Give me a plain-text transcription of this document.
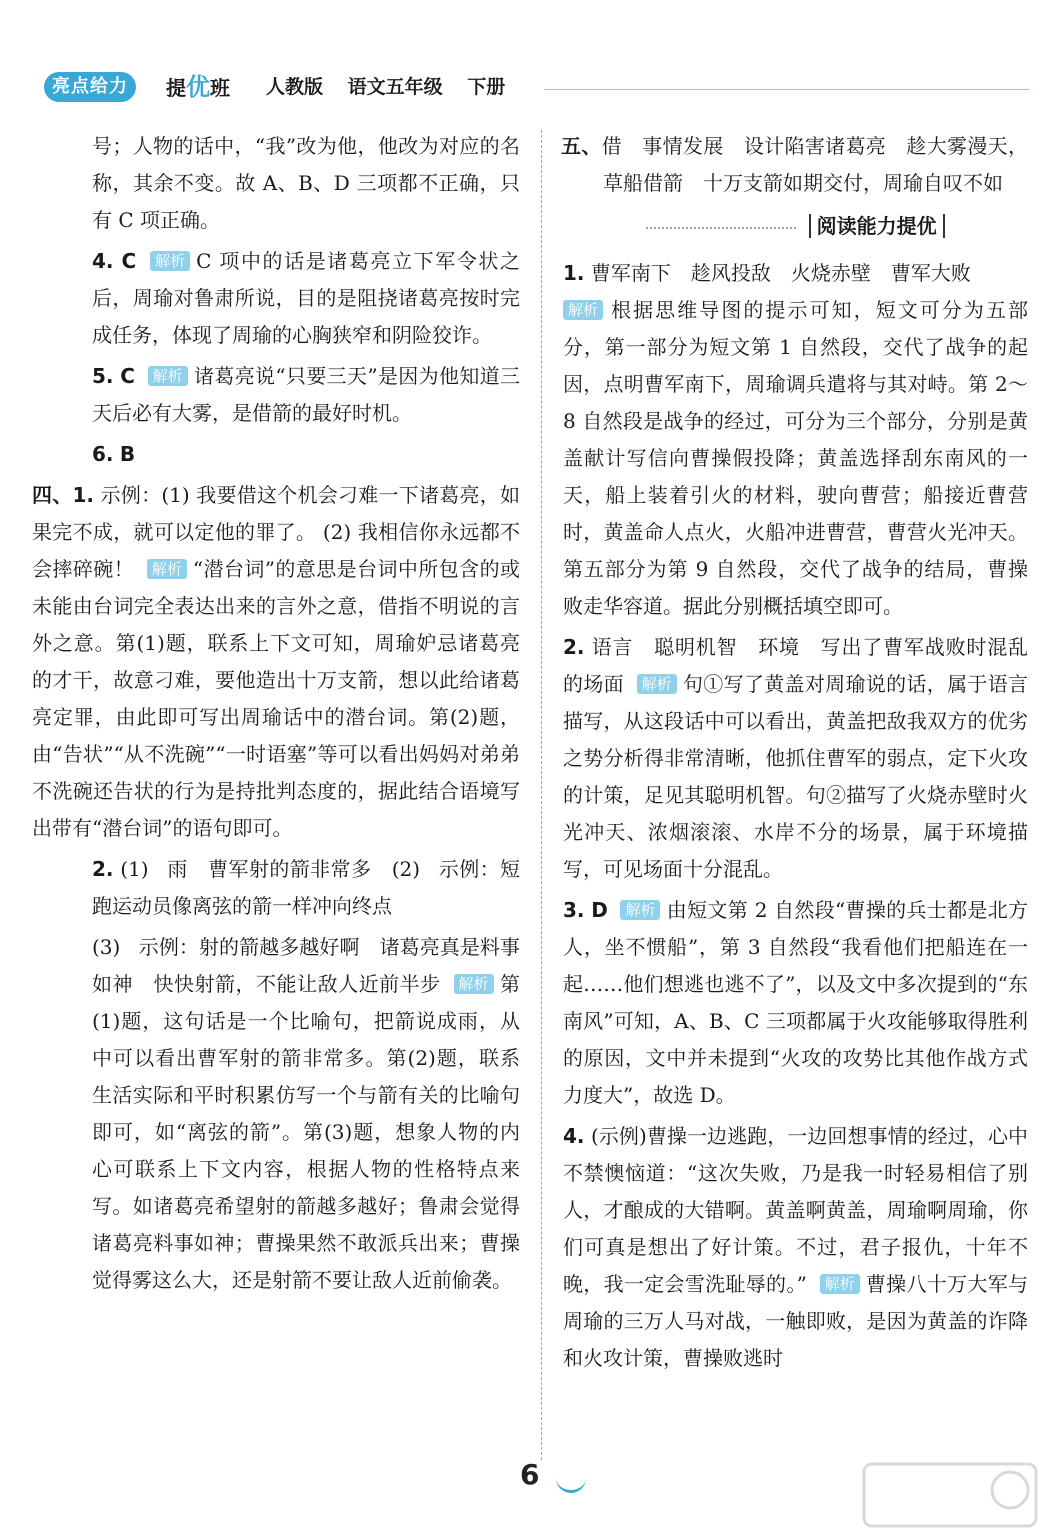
亮点给力	提优班 人教版 语文五年级 下册

号；人物的话中，“我”改为他，他改为对应的名称，其余不变。故 A、B、D 三项都不正确，只有 C 项正确。

4. C 解析 C 项中的话是诸葛亮立下军令状之后，周瑜对鲁肃所说，目的是阻挠诸葛亮按时完成任务，体现了周瑜的心胸狭窄和阴险狡诈。

5. C 解析 诸葛亮说“只要三天”是因为他知道三天后必有大雾，是借箭的最好时机。

6. B

四、1. 示例：(1) 我要借这个机会刁难一下诸葛亮，如果完不成，就可以定他的罪了。 (2) 我相信你永远都不会摔碎碗！ 解析 “潜台词”的意思是台词中所包含的或未能由台词完全表达出来的言外之意，借指不明说的言外之意。第(1)题，联系上下文可知，周瑜妒忌诸葛亮的才干，故意刁难，要他造出十万支箭，想以此给诸葛亮定罪，由此即可写出周瑜话中的潜台词。第(2)题，由“告状”“从不洗碗”“一时语塞”等可以看出妈妈对弟弟不洗碗还告状的行为是持批判态度的，据此结合语境写出带有“潜台词”的语句即可。

2. (1) 雨　曹军射的箭非常多　(2) 示例：短跑运动员像离弦的箭一样冲向终点

(3) 示例：射的箭越多越好啊　诸葛亮真是料事如神　快快射箭，不能让敌人近前半步 解析 第(1)题，这句话是一个比喻句，把箭说成雨，从中可以看出曹军射的箭非常多。第(2)题，联系生活实际和平时积累仿写一个与箭有关的比喻句即可，如“离弦的箭”。第(3)题，想象人物的内心可联系上下文内容，根据人物的性格特点来写。如诸葛亮希望射的箭越多越好；鲁肃会觉得诸葛亮料事如神；曹操果然不敢派兵出来；曹操觉得雾这么大，还是射箭不要让敌人近前偷袭。

五、借　事情发展　设计陷害诸葛亮　趁大雾漫天，草船借箭　十万支箭如期交付，周瑜自叹不如

阅读能力提优

1. 曹军南下　趁风投敌　火烧赤壁　曹军大败
解析 根据思维导图的提示可知，短文可分为五部分，第一部分为短文第 1 自然段，交代了战争的起因，点明曹军南下，周瑜调兵遣将与其对峙。第 2～8 自然段是战争的经过，可分为三个部分，分别是黄盖献计写信向曹操假投降；黄盖选择刮东南风的一天，船上装着引火的材料，驶向曹营；船接近曹营时，黄盖命人点火，火船冲进曹营，曹营火光冲天。第五部分为第 9 自然段，交代了战争的结局，曹操败走华容道。据此分别概括填空即可。

2. 语言　聪明机智　环境　写出了曹军战败时混乱的场面 解析 句①写了黄盖对周瑜说的话，属于语言描写，从这段话中可以看出，黄盖把敌我双方的优劣之势分析得非常清晰，他抓住曹军的弱点，定下火攻的计策，足见其聪明机智。句②描写了火烧赤壁时火光冲天、浓烟滚滚、水岸不分的场景，属于环境描写，可见场面十分混乱。

3. D 解析 由短文第 2 自然段“曹操的兵士都是北方人，坐不惯船”，第 3 自然段“我看他们把船连在一起……他们想逃也逃不了”，以及文中多次提到的“东南风”可知，A、B、C 三项都属于火攻能够取得胜利的原因，文中并未提到“火攻的攻势比其他作战方式力度大”，故选 D。

4. (示例)曹操一边逃跑，一边回想事情的经过，心中不禁懊恼道：“这次失败，乃是我一时轻易相信了别人，才酿成的大错啊。黄盖啊黄盖，周瑜啊周瑜，你们可真是想出了好计策。不过，君子报仇，十年不晚，我一定会雪洗耻辱的。” 解析 曹操八十万大军与周瑜的三万人马对战，一触即败，是因为黄盖的诈降和火攻计策，曹操败逃时

6
